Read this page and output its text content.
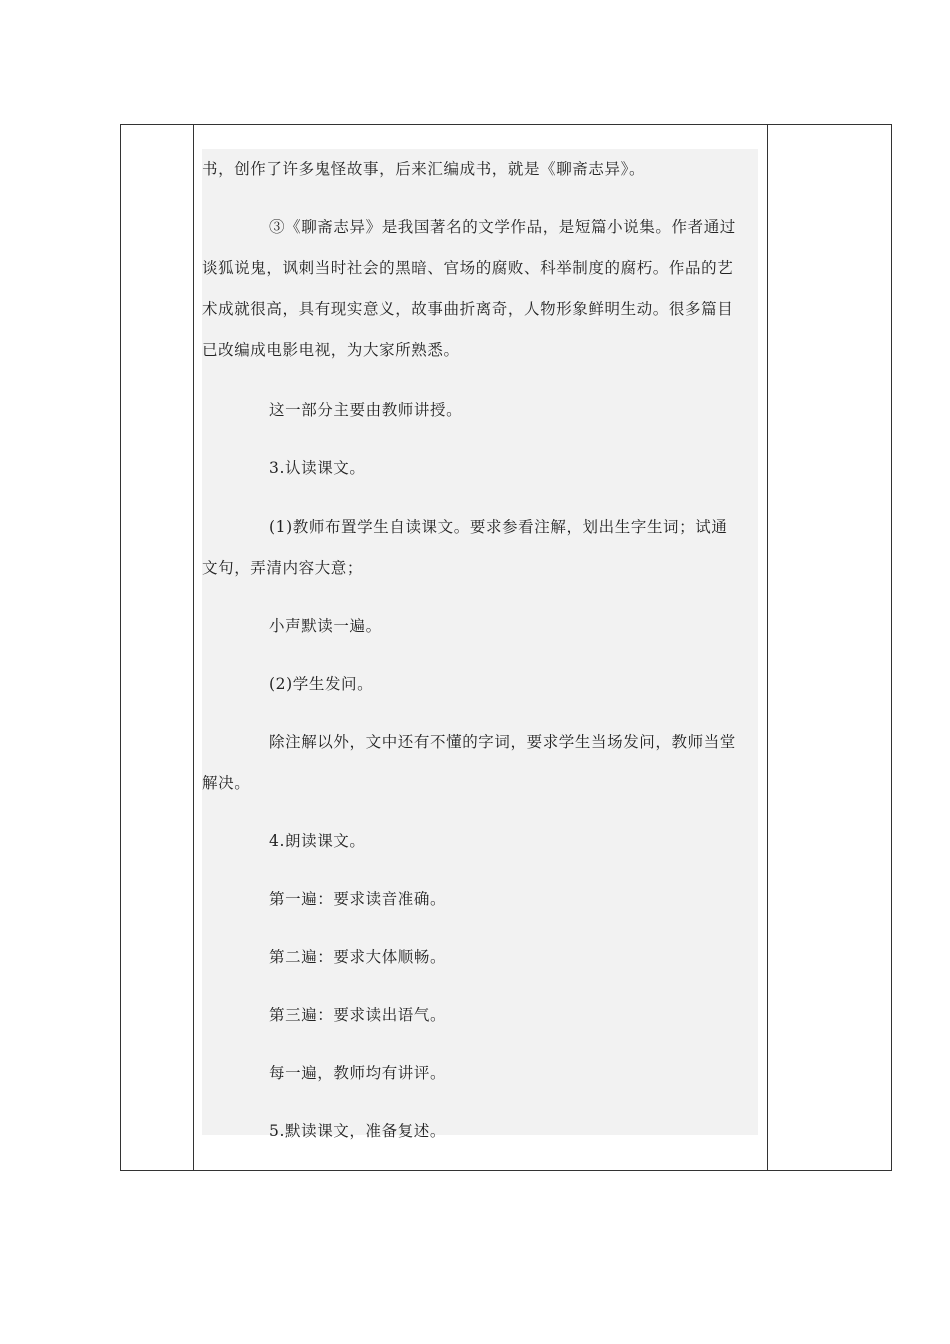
书，创作了许多鬼怪故事，后来汇编成书，就是《聊斋志异》。

③《聊斋志异》是我国著名的文学作品，是短篇小说集。作者通过
谈狐说鬼，讽刺当时社会的黑暗、官场的腐败、科举制度的腐朽。作品的艺
术成就很高，具有现实意义，故事曲折离奇，人物形象鲜明生动。很多篇目
已改编成电影电视，为大家所熟悉。

这一部分主要由教师讲授。

3.认读课文。

(1)教师布置学生自读课文。要求参看注解，划出生字生词；试通
文句，弄清内容大意；

小声默读一遍。

(2)学生发问。

除注解以外，文中还有不懂的字词，要求学生当场发问，教师当堂
解决。

4.朗读课文。

第一遍：要求读音准确。

第二遍：要求大体顺畅。

第三遍：要求读出语气。

每一遍，教师均有讲评。

5.默读课文，准备复述。
